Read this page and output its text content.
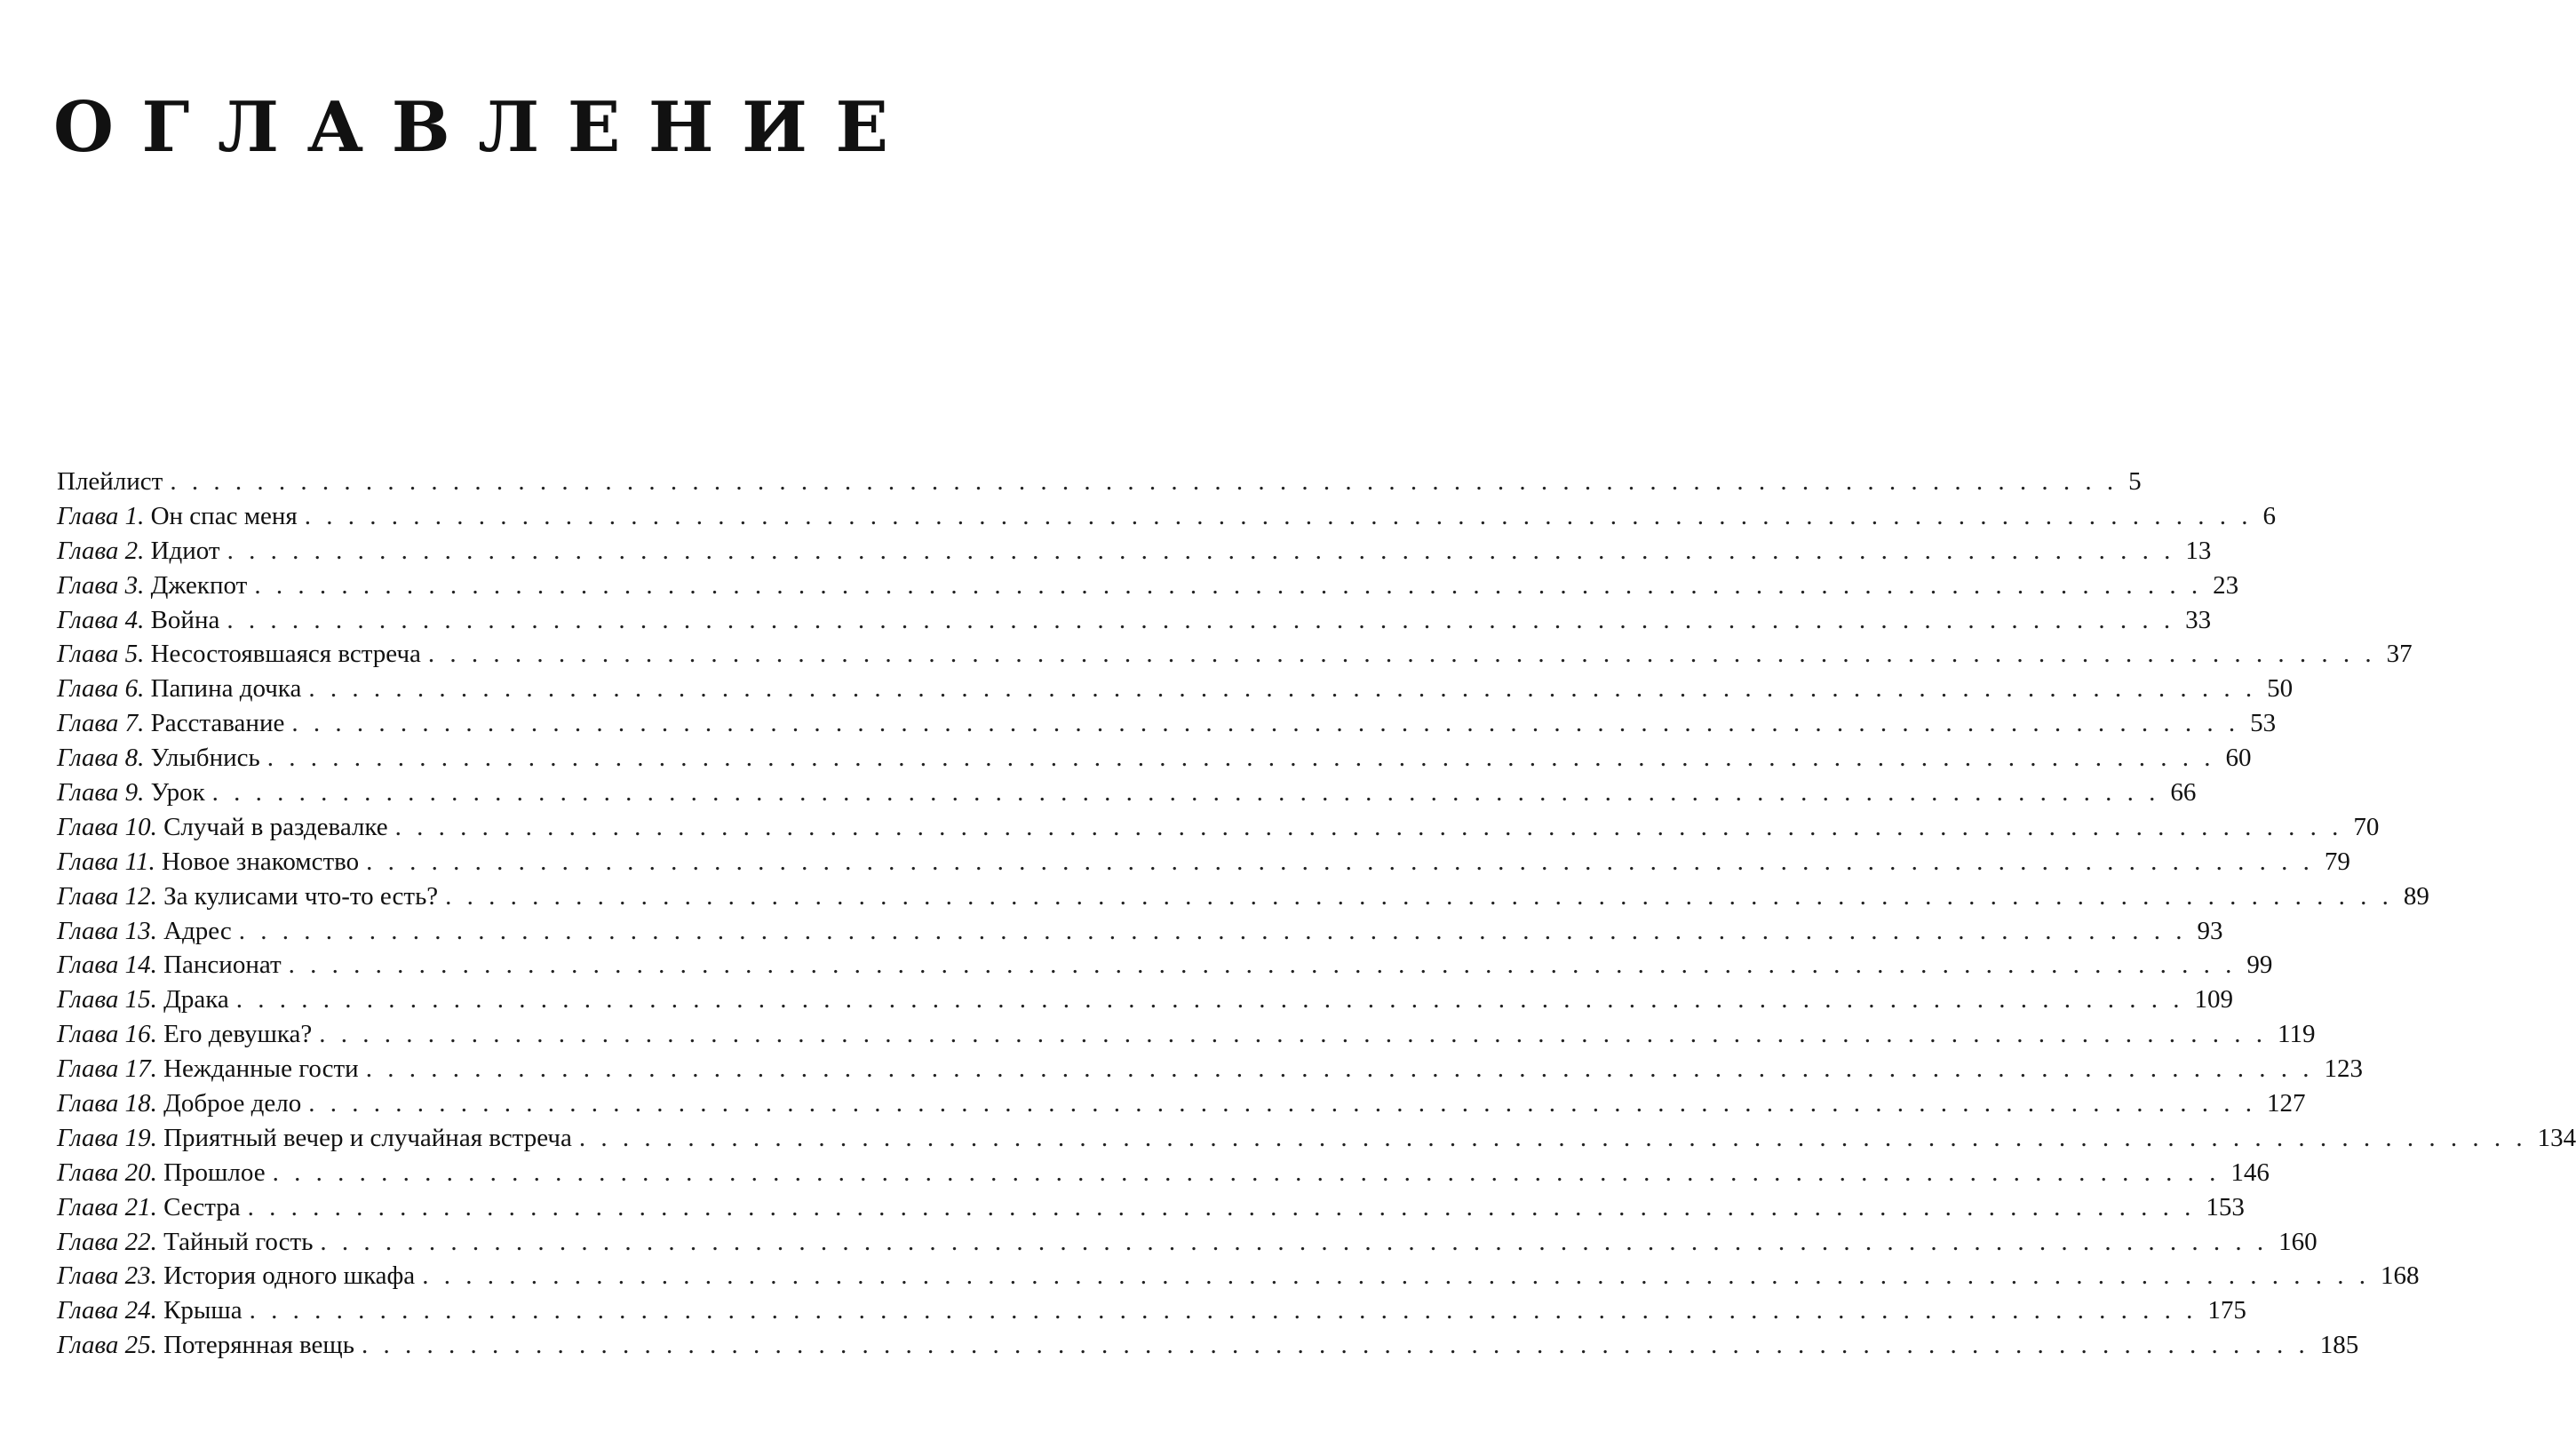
О Г Л А В Л Е Н И Е
Плейлист . . . . . . . . . . . . . . . . . . . . . . . . . . . . . . . . . . . . . . . . . . . . . . . . . . . . . . . . . . . . . . . . . . . . . . . . . . . . . . . . . . . . . . . . . . 5
Глава 1. Он спас меня . . . . . . . . . . . . . . . . . . . . . . . . . . . . . . . . . . . . . . . . . . . . . . . . . . . . . . . . . . . . . . . . . . . . . . . . . . . . . . . . . . . . . . . . . . 6
Глава 2. Идиот . . . . . . . . . . . . . . . . . . . . . . . . . . . . . . . . . . . . . . . . . . . . . . . . . . . . . . . . . . . . . . . . . . . . . . . . . . . . . . . . . . . . . . . . . . 13
Глава 3. Джекпот . . . . . . . . . . . . . . . . . . . . . . . . . . . . . . . . . . . . . . . . . . . . . . . . . . . . . . . . . . . . . . . . . . . . . . . . . . . . . . . . . . . . . . . . . . 23
Глава 4. Война . . . . . . . . . . . . . . . . . . . . . . . . . . . . . . . . . . . . . . . . . . . . . . . . . . . . . . . . . . . . . . . . . . . . . . . . . . . . . . . . . . . . . . . . . . 33
Глава 5. Несостоявшаяся встреча . . . . . . . . . . . . . . . . . . . . . . . . . . . . . . . . . . . . . . . . . . . . . . . . . . . . . . . . . . . . . . . . . . . . . . . . . . . . . . . . . . . . . . . . . . 37
Глава 6. Папина дочка . . . . . . . . . . . . . . . . . . . . . . . . . . . . . . . . . . . . . . . . . . . . . . . . . . . . . . . . . . . . . . . . . . . . . . . . . . . . . . . . . . . . . . . . . . 50
Глава 7. Расставание . . . . . . . . . . . . . . . . . . . . . . . . . . . . . . . . . . . . . . . . . . . . . . . . . . . . . . . . . . . . . . . . . . . . . . . . . . . . . . . . . . . . . . . . . . 53
Глава 8. Улыбнись . . . . . . . . . . . . . . . . . . . . . . . . . . . . . . . . . . . . . . . . . . . . . . . . . . . . . . . . . . . . . . . . . . . . . . . . . . . . . . . . . . . . . . . . . . 60
Глава 9. Урок . . . . . . . . . . . . . . . . . . . . . . . . . . . . . . . . . . . . . . . . . . . . . . . . . . . . . . . . . . . . . . . . . . . . . . . . . . . . . . . . . . . . . . . . . . 66
Глава 10. Случай в раздевалке . . . . . . . . . . . . . . . . . . . . . . . . . . . . . . . . . . . . . . . . . . . . . . . . . . . . . . . . . . . . . . . . . . . . . . . . . . . . . . . . . . . . . . . . . . 70
Глава 11. Новое знакомство . . . . . . . . . . . . . . . . . . . . . . . . . . . . . . . . . . . . . . . . . . . . . . . . . . . . . . . . . . . . . . . . . . . . . . . . . . . . . . . . . . . . . . . . . . 79
Глава 12. За кулисами что-то есть? . . . . . . . . . . . . . . . . . . . . . . . . . . . . . . . . . . . . . . . . . . . . . . . . . . . . . . . . . . . . . . . . . . . . . . . . . . . . . . . . . . . . . . . . . . 89
Глава 13. Адрес . . . . . . . . . . . . . . . . . . . . . . . . . . . . . . . . . . . . . . . . . . . . . . . . . . . . . . . . . . . . . . . . . . . . . . . . . . . . . . . . . . . . . . . . . . 93
Глава 14. Пансионат . . . . . . . . . . . . . . . . . . . . . . . . . . . . . . . . . . . . . . . . . . . . . . . . . . . . . . . . . . . . . . . . . . . . . . . . . . . . . . . . . . . . . . . . . . 99
Глава 15. Драка . . . . . . . . . . . . . . . . . . . . . . . . . . . . . . . . . . . . . . . . . . . . . . . . . . . . . . . . . . . . . . . . . . . . . . . . . . . . . . . . . . . . . . . . . . 109
Глава 16. Его девушка? . . . . . . . . . . . . . . . . . . . . . . . . . . . . . . . . . . . . . . . . . . . . . . . . . . . . . . . . . . . . . . . . . . . . . . . . . . . . . . . . . . . . . . . . . . 119
Глава 17. Нежданные гости . . . . . . . . . . . . . . . . . . . . . . . . . . . . . . . . . . . . . . . . . . . . . . . . . . . . . . . . . . . . . . . . . . . . . . . . . . . . . . . . . . . . . . . . . . 123
Глава 18. Доброе дело . . . . . . . . . . . . . . . . . . . . . . . . . . . . . . . . . . . . . . . . . . . . . . . . . . . . . . . . . . . . . . . . . . . . . . . . . . . . . . . . . . . . . . . . . . 127
Глава 19. Приятный вечер и случайная встреча . . . . . . . . . . . . . . . . . . . . . . . . . . . . . . . . . . . . . . . . . . . . . . . . . . . . . . . . . . . . . . . . . . . . . . . . . . . . . . . . . . . . . . . . . . 134
Глава 20. Прошлое . . . . . . . . . . . . . . . . . . . . . . . . . . . . . . . . . . . . . . . . . . . . . . . . . . . . . . . . . . . . . . . . . . . . . . . . . . . . . . . . . . . . . . . . . . 146
Глава 21. Сестра . . . . . . . . . . . . . . . . . . . . . . . . . . . . . . . . . . . . . . . . . . . . . . . . . . . . . . . . . . . . . . . . . . . . . . . . . . . . . . . . . . . . . . . . . . 153
Глава 22. Тайный гость . . . . . . . . . . . . . . . . . . . . . . . . . . . . . . . . . . . . . . . . . . . . . . . . . . . . . . . . . . . . . . . . . . . . . . . . . . . . . . . . . . . . . . . . . . 160
Глава 23. История одного шкафа . . . . . . . . . . . . . . . . . . . . . . . . . . . . . . . . . . . . . . . . . . . . . . . . . . . . . . . . . . . . . . . . . . . . . . . . . . . . . . . . . . . . . . . . . . 168
Глава 24. Крыша . . . . . . . . . . . . . . . . . . . . . . . . . . . . . . . . . . . . . . . . . . . . . . . . . . . . . . . . . . . . . . . . . . . . . . . . . . . . . . . . . . . . . . . . . . 175
Глава 25. Потерянная вещь . . . . . . . . . . . . . . . . . . . . . . . . . . . . . . . . . . . . . . . . . . . . . . . . . . . . . . . . . . . . . . . . . . . . . . . . . . . . . . . . . . . . . . . . . . 185
